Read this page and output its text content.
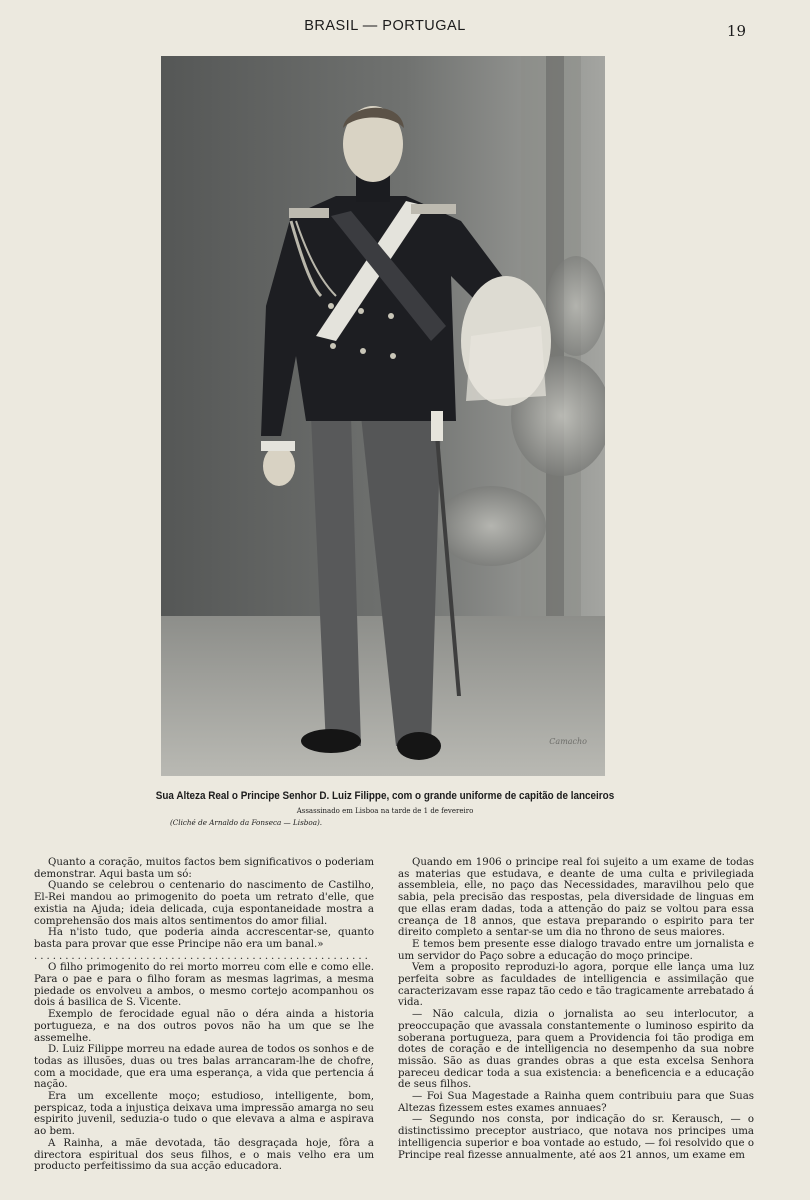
BRASIL — PORTUGAL	19
Camacho
Sua Alteza Real o Principe Senhor D. Luiz Filippe, com o grande uniforme de capitão de lanceiros
Assassinado em Lisboa na tarde de 1 de fevereiro
(Cliché de Arnaldo da Fonseca — Lisboa).

Quanto a coração, muitos factos bem significativos o poderiam demonstrar. Aqui basta um só:

Quando se celebrou o centenario do nascimento de Castilho, El-Rei mandou ao primogenito do poeta um retrato d'elle, que existia na Ajuda; ideia delicada, cuja espontaneidade mostra a comprehensão dos mais altos sentimentos do amor filial.

Ha n'isto tudo, que poderia ainda accrescentar-se, quanto basta para provar que esse Principe não era um banal.»

......................................................

O filho primogenito do rei morto morreu com elle e como elle. Para o pae e para o filho foram as mesmas lagrimas, a mesma piedade os envolveu a ambos, o mesmo cortejo acompanhou os dois á basilica de S. Vicente.

Exemplo de ferocidade egual não o déra ainda a historia portugueza, e na dos outros povos não ha um que se lhe assemelhe.

D. Luiz Filippe morreu na edade aurea de todos os sonhos e de todas as illusões, duas ou tres balas arrancaram-lhe de chofre, com a mocidade, que era uma esperança, a vida que pertencia á nação.

Era um excellente moço; estudioso, intelligente, bom, perspicaz, toda a injustiça deixava uma impressão amarga no seu espirito juvenil, seduzia-o tudo o que elevava a alma e aspirava ao bem.

A Rainha, a mãe devotada, tão desgraçada hoje, fôra a directora espiritual dos seus filhos, e o mais velho era um producto perfeitissimo da sua acção educadora.

Quando em 1906 o principe real foi sujeito a um exame de todas as materias que estudava, e deante de uma culta e privilegiada assembleia, elle, no paço das Necessidades, maravilhou pelo que sabia, pela precisão das respostas, pela diversidade de linguas em que ellas eram dadas, toda a attenção do paiz se voltou para essa creança de 18 annos, que estava preparando o espirito para ter direito completo a sentar-se um dia no throno de seus maiores.

E temos bem presente esse dialogo travado entre um jornalista e um servidor do Paço sobre a educação do moço principe.

Vem a proposito reproduzi-lo agora, porque elle lança uma luz perfeita sobre as faculdades de intelligencia e assimilação que caracterizavam esse rapaz tão cedo e tão tragicamente arrebatado á vida.

— Não calcula, dizia o jornalista ao seu interlocutor, a preoccupação que avassala constantemente o luminoso espirito da soberana portugueza, para quem a Providencia foi tão prodiga em dotes de coração e de intelligencia no desempenho da sua nobre missão. São as duas grandes obras a que esta excelsa Senhora pareceu dedicar toda a sua existencia: a beneficencia e a educação de seus filhos.

— Foi Sua Magestade a Rainha quem contribuiu para que Suas Altezas fizessem estes exames annuaes?

— Segundo nos consta, por indicação do sr. Kerausch, — o distinctissimo preceptor austriaco, que notava nos principes uma intelligencia superior e boa vontade ao estudo, — foi resolvido que o Principe real fizesse annualmente, até aos 21 annos, um exame em
